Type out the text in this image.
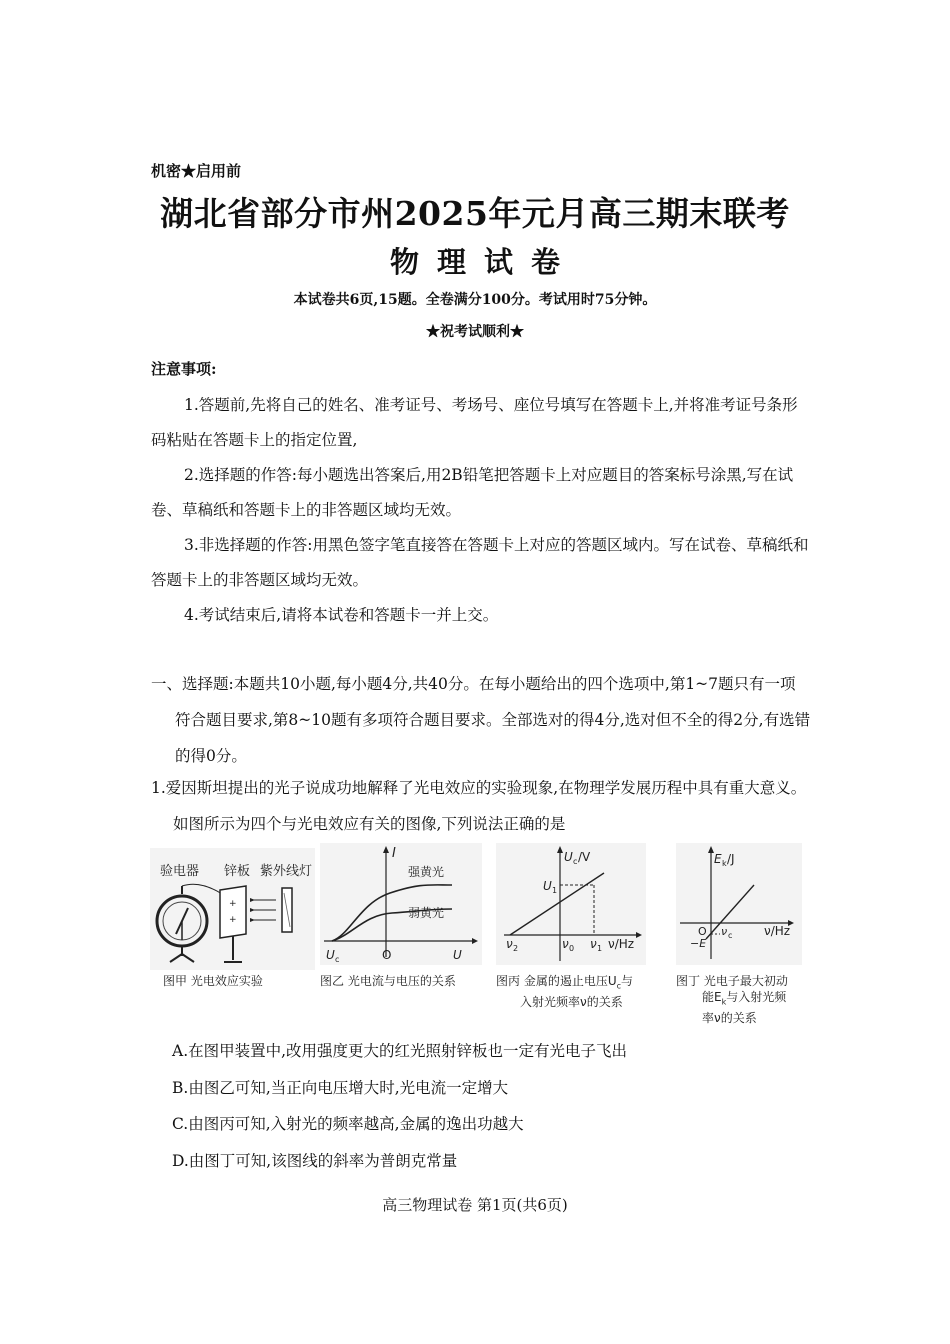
机密★启用前
湖北省部分市州2025年元月高三期末联考
物理试卷
本试卷共6页,15题。全卷满分100分。考试用时75分钟。
★祝考试顺利★
注意事项:

1.答题前,先将自己的姓名、准考证号、考场号、座位号填写在答题卡上,并将准考证号条形码粘贴在答题卡上的指定位置,

2.选择题的作答:每小题选出答案后,用2B铅笔把答题卡上对应题目的答案标号涂黑,写在试卷、草稿纸和答题卡上的非答题区域均无效。

3.非选择题的作答:用黑色签字笔直接答在答题卡上对应的答题区域内。写在试卷、草稿纸和答题卡上的非答题区域均无效。

4.考试结束后,请将本试卷和答题卡一并上交。

一、选择题:本题共10小题,每小题4分,共40分。在每小题给出的四个选项中,第1~7题只有一项符合题目要求,第8~10题有多项符合题目要求。全部选对的得4分,选对但不全的得2分,有选错的得0分。

1.爱因斯坦提出的光子说成功地解释了光电效应的实验现象,在物理学发展历程中具有重大意义。如图所示为四个与光电效应有关的图像,下列说法正确的是

验电器 锌板 紫外线灯
+
+
图甲 光电效应实验
I
强黄光
弱黄光
U c	O	U
图乙 光电流与电压的关系
U c /V
U 1
ν 2	ν 0 ν 1 ν/Hz
图丙 金属的遏止电压$U_c$与
入射光频率ν的关系
E k /J
O ν c
−E
ν/Hz
图丁 光电子最大初动
能$E_k$与入射光频
率ν的关系
A.在图甲装置中,改用强度更大的红光照射锌板也一定有光电子飞出
B.由图乙可知,当正向电压增大时,光电流一定增大
C.由图丙可知,入射光的频率越高,金属的逸出功越大
D.由图丁可知,该图线的斜率为普朗克常量
高三物理试卷 第1页(共6页)
